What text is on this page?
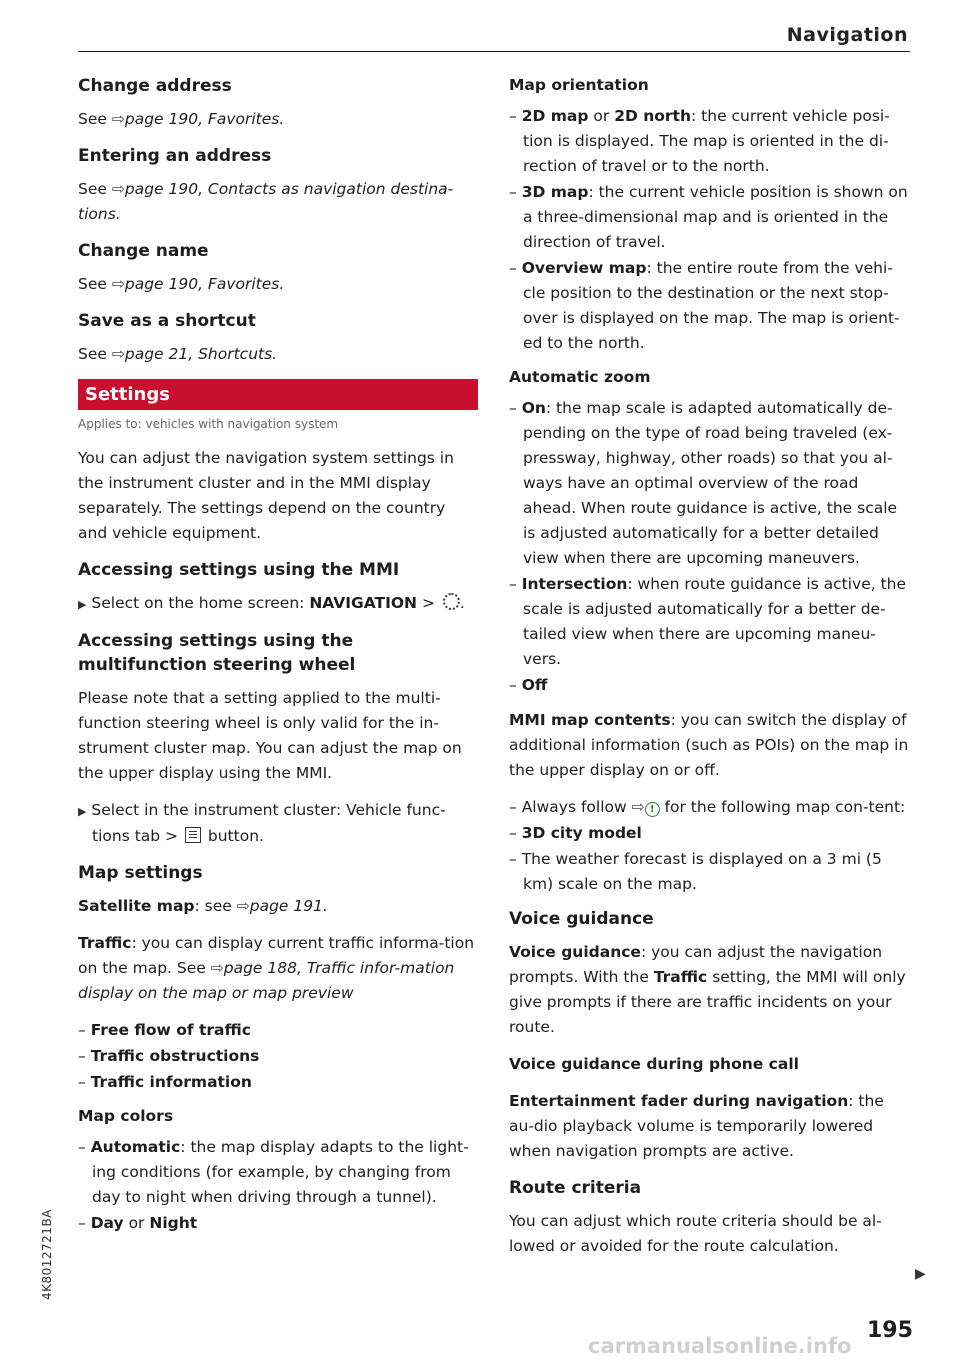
Navigation
Change address

See ⇨page 190, Favorites.

Entering an address

See ⇨page 190, Contacts as navigation destina-tions.

Change name

See ⇨page 190, Favorites.

Save as a shortcut

See ⇨page 21, Shortcuts.

Settings
Applies to: vehicles with navigation system

You can adjust the navigation system settings in the instrument cluster and in the MMI display separately. The settings depend on the country and vehicle equipment.

Accessing settings using the MMI
▶ Select on the home screen: NAVIGATION > .
Accessing settings using the multifunction steering wheel

Please note that a setting applied to the multi-function steering wheel is only valid for the in-strument cluster map. You can adjust the map on the upper display using the MMI.

▶ Select in the instrument cluster: Vehicle func-tions tab > button.
Map settings

Satellite map: see ⇨page 191.

Traffic: you can display current traffic informa-tion on the map. See ⇨page 188, Traffic infor-mation display on the map or map preview

– Free flow of traffic
– Traffic obstructions
– Traffic information
Map colors
– Automatic: the map display adapts to the light-ing conditions (for example, by changing from day to night when driving through a tunnel).
– Day or Night
Map orientation
– 2D map or 2D north: the current vehicle posi-tion is displayed. The map is oriented in the di-rection of travel or to the north.
– 3D map: the current vehicle position is shown on a three-dimensional map and is oriented in the direction of travel.
– Overview map: the entire route from the vehi-cle position to the destination or the next stop-over is displayed on the map. The map is orient-ed to the north.
Automatic zoom
– On: the map scale is adapted automatically de-pending on the type of road being traveled (ex-pressway, highway, other roads) so that you al-ways have an optimal overview of the road ahead. When route guidance is active, the scale is adjusted automatically for a better detailed view when there are upcoming maneuvers.
– Intersection: when route guidance is active, the scale is adjusted automatically for a better de-tailed view when there are upcoming maneu-vers.
– Off

MMI map contents: you can switch the display of additional information (such as POIs) on the map in the upper display on or off.

– Always follow ⇨ ! for the following map con-tent:
– 3D city model
– The weather forecast is displayed on a 3 mi (5 km) scale on the map.
Voice guidance

Voice guidance: you can adjust the navigation prompts. With the Traffic setting, the MMI will only give prompts if there are traffic incidents on your route.

Voice guidance during phone call

Entertainment fader during navigation: the au-dio playback volume is temporarily lowered when navigation prompts are active.

Route criteria

You can adjust which route criteria should be al-lowed or avoided for the route calculation.

▶
195
4K8012721BA
carmanualsonline.info
